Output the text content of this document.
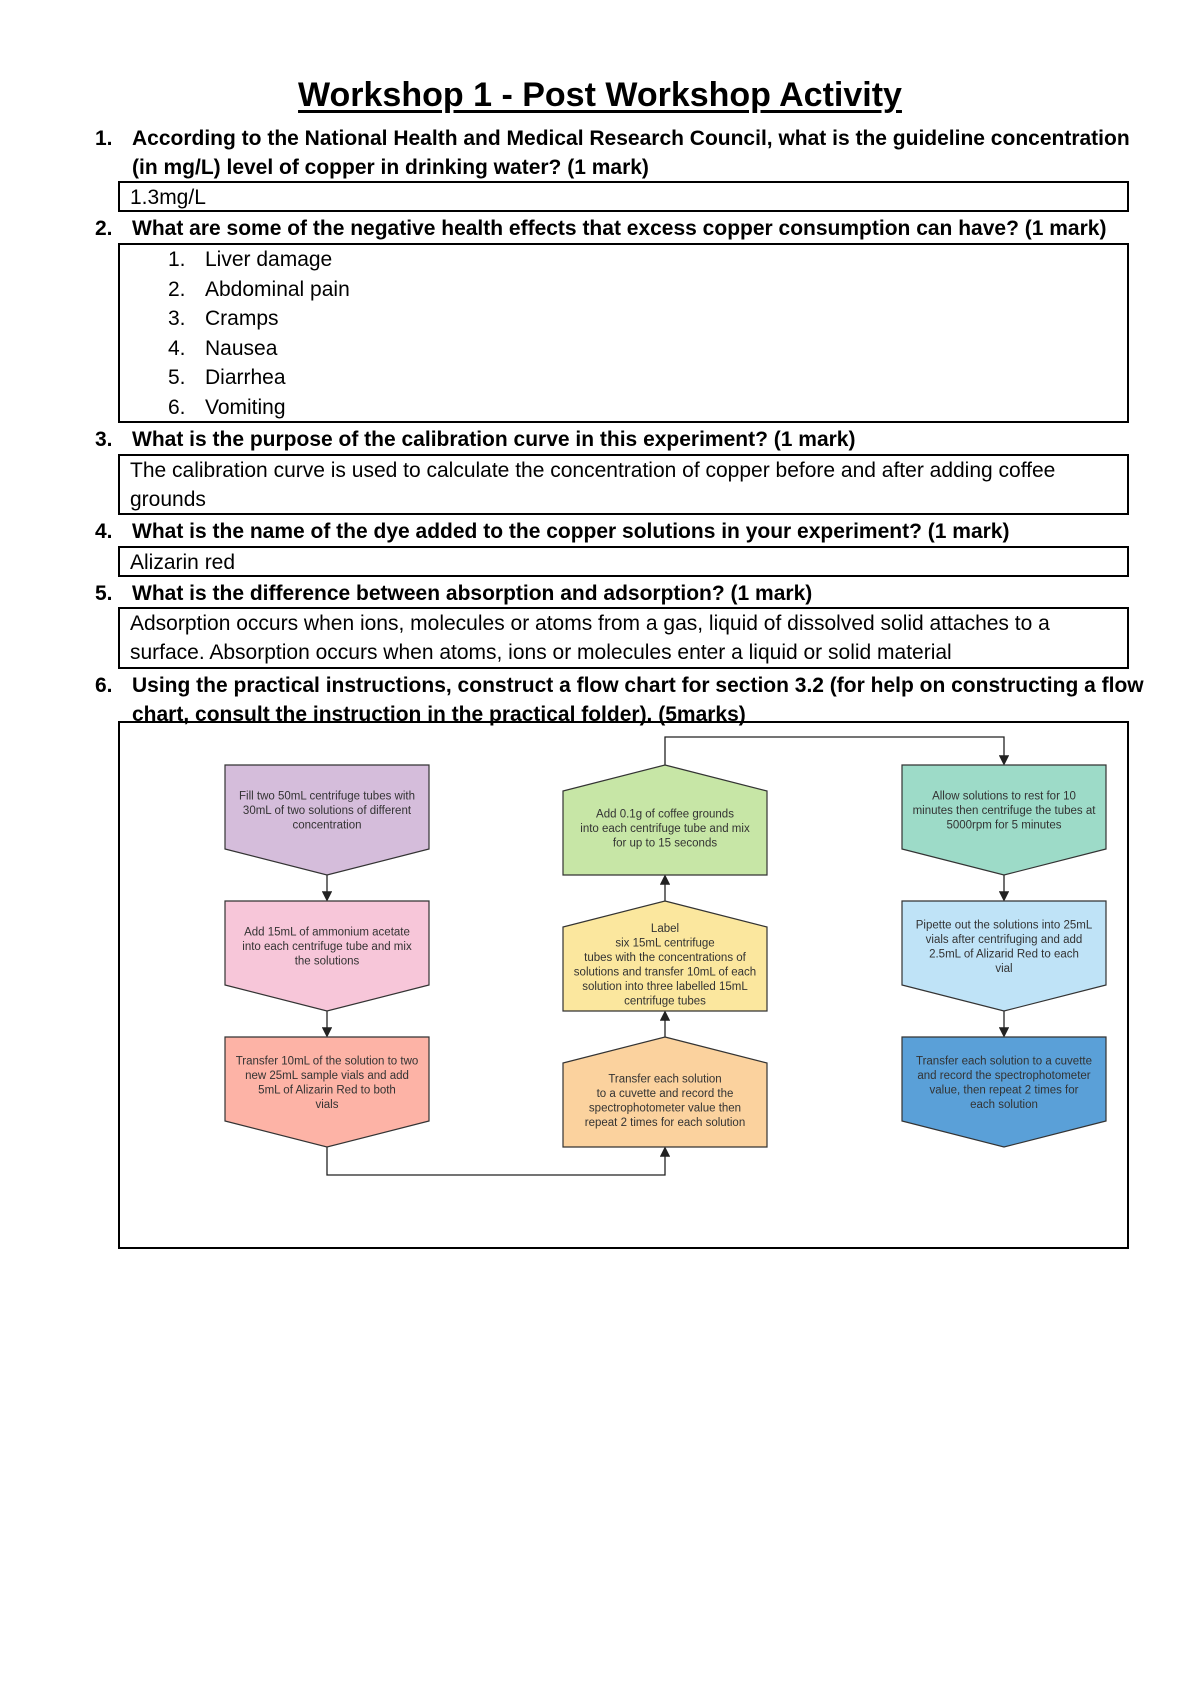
Workshop 1 - Post Workshop Activity
1. According to the National Health and Medical Research Council, what is the guideline concentration (in mg/L) level of copper in drinking water? (1 mark)
1.3mg/L
2. What are some of the negative health effects that excess copper consumption can have? (1 mark)
1. Liver damage
2. Abdominal pain
3. Cramps
4. Nausea
5. Diarrhea
6. Vomiting
3. What is the purpose of the calibration curve in this experiment? (1 mark)
The calibration curve is used to calculate the concentration of copper before and after adding coffee grounds
4. What is the name of the dye added to the copper solutions in your experiment? (1 mark)
Alizarin red
5. What is the difference between absorption and adsorption? (1 mark)
Adsorption occurs when ions, molecules or atoms from a gas, liquid of dissolved solid attaches to a surface. Absorption occurs when atoms, ions or molecules enter a liquid or solid material
6. Using the practical instructions, construct a flow chart for section 3.2 (for help on constructing a flow chart, consult the instruction in the practical folder). (5marks)
Fill two 50mL centrifuge tubes with
30mL of two solutions of different
concentration
Add 15mL of ammonium acetate
into each centrifuge tube and mix
the solutions
Transfer 10mL of the solution to two
new 25mL sample vials and add
5mL of Alizarin Red to both
vials
Transfer each solution
to a cuvette and record the
spectrophotometer value then
repeat 2 times for each solution
Label
six 15mL centrifuge
tubes with the concentrations of
solutions and transfer 10mL of each
solution into three labelled 15mL
centrifuge tubes
Add 0.1g of coffee grounds
into each centrifuge tube and mix
for up to 15 seconds
Allow solutions to rest for 10
minutes then centrifuge the tubes at
5000rpm for 5 minutes
Pipette out the solutions into 25mL
vials after centrifuging and add
2.5mL of Alizarid Red to each
vial
Transfer each solution to a cuvette
and record the spectrophotometer
value, then repeat 2 times for
each solution
